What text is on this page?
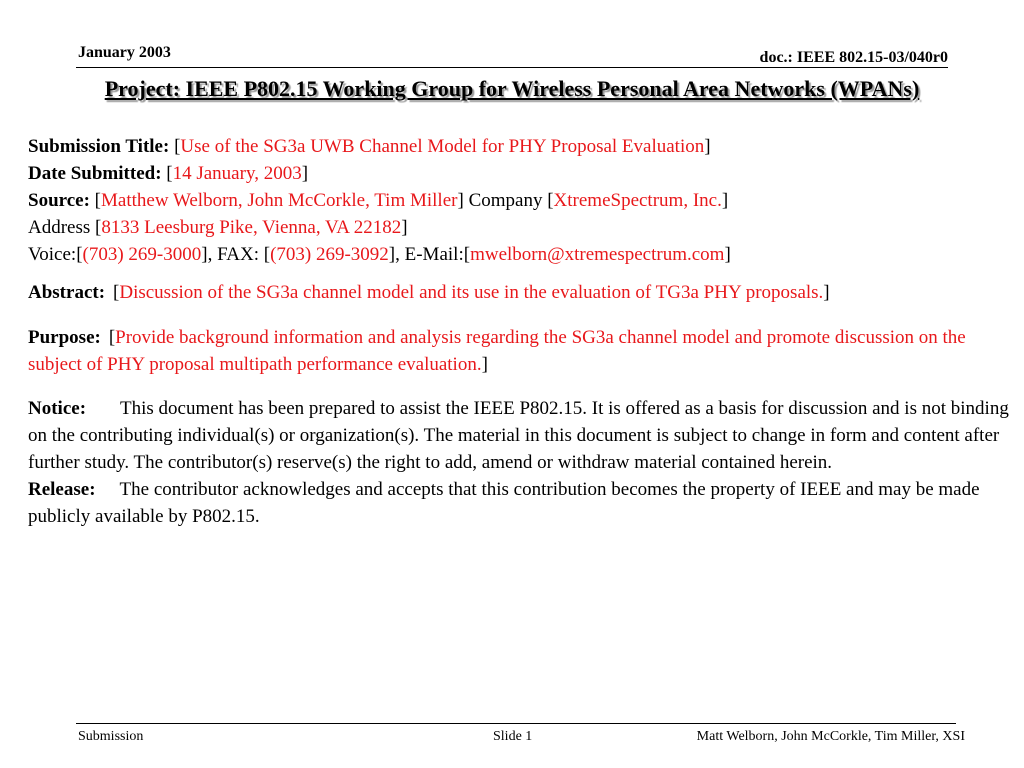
January 2003	doc.: IEEE 802.15-03/040r0
Project: IEEE P802.15 Working Group for Wireless Personal Area Networks (WPANs)

Submission Title: [Use of the SG3a UWB Channel Model for PHY Proposal Evaluation]

Date Submitted: [14 January, 2003]

Source: [Matthew Welborn, John McCorkle, Tim Miller] Company [XtremeSpectrum, Inc.]

Address [8133 Leesburg Pike, Vienna, VA 22182]

Voice:[(703) 269-3000], FAX: [(703) 269-3092], E-Mail:[mwelborn@xtremespectrum.com]

Abstract: [Discussion of the SG3a channel model and its use in the evaluation of TG3a PHY proposals.]

Purpose: [Provide background information and analysis regarding the SG3a channel model and promote discussion on the subject of PHY proposal multipath performance evaluation.]

Notice: This document has been prepared to assist the IEEE P802.15. It is offered as a basis for discussion and is not binding on the contributing individual(s) or organization(s). The material in this document is subject to change in form and content after further study. The contributor(s) reserve(s) the right to add, amend or withdraw material contained herein.

Release: The contributor acknowledges and accepts that this contribution becomes the property of IEEE and may be made publicly available by P802.15.

Submission	Slide 1	Matt Welborn, John McCorkle, Tim Miller, XSI
